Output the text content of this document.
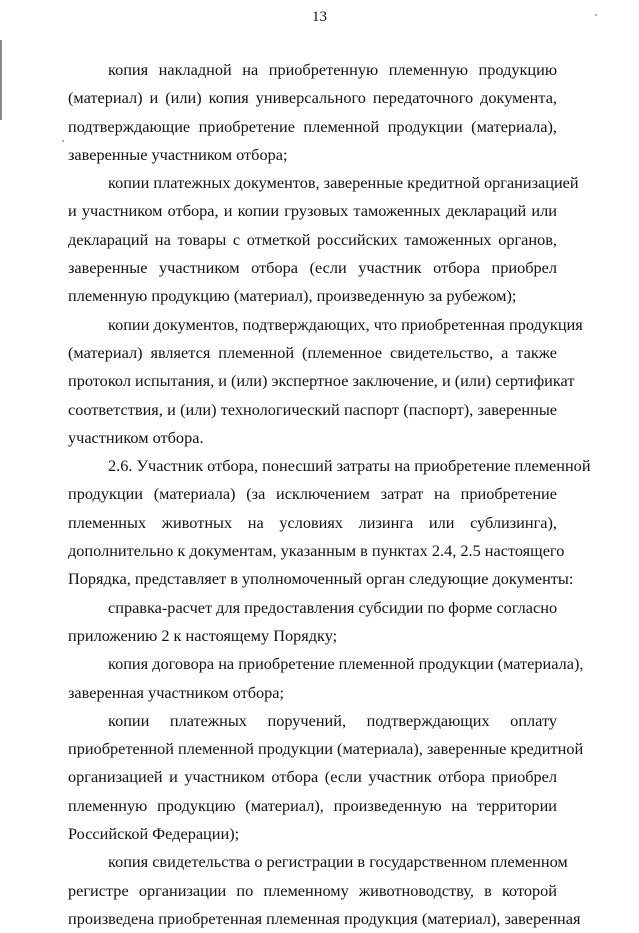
13
копия накладной на приобретенную племенную продукцию
(материал) и (или) копия универсального передаточного документа,
подтверждающие приобретение племенной продукции (материала),
заверенные участником отбора;
копии платежных документов, заверенные кредитной организацией
и участником отбора, и копии грузовых таможенных деклараций или
деклараций на товары с отметкой российских таможенных органов,
заверенные участником отбора (если участник отбора приобрел
племенную продукцию (материал), произведенную за рубежом);
копии документов, подтверждающих, что приобретенная продукция
(материал) является племенной (племенное свидетельство, а также
протокол испытания, и (или) экспертное заключение, и (или) сертификат
соответствия, и (или) технологический паспорт (паспорт), заверенные
участником отбора.
2.6. Участник отбора, понесший затраты на приобретение племенной
продукции (материала) (за исключением затрат на приобретение
племенных животных на условиях лизинга или сублизинга),
дополнительно к документам, указанным в пунктах 2.4, 2.5 настоящего
Порядка, представляет в уполномоченный орган следующие документы:
справка-расчет для предоставления субсидии по форме согласно
приложению 2 к настоящему Порядку;
копия договора на приобретение племенной продукции (материала),
заверенная участником отбора;
копии платежных поручений, подтверждающих оплату
приобретенной племенной продукции (материала), заверенные кредитной
организацией и участником отбора (если участник отбора приобрел
племенную продукцию (материал), произведенную на территории
Российской Федерации);
копия свидетельства о регистрации в государственном племенном
регистре организации по племенному животноводству, в которой
произведена приобретенная племенная продукция (материал), заверенная
